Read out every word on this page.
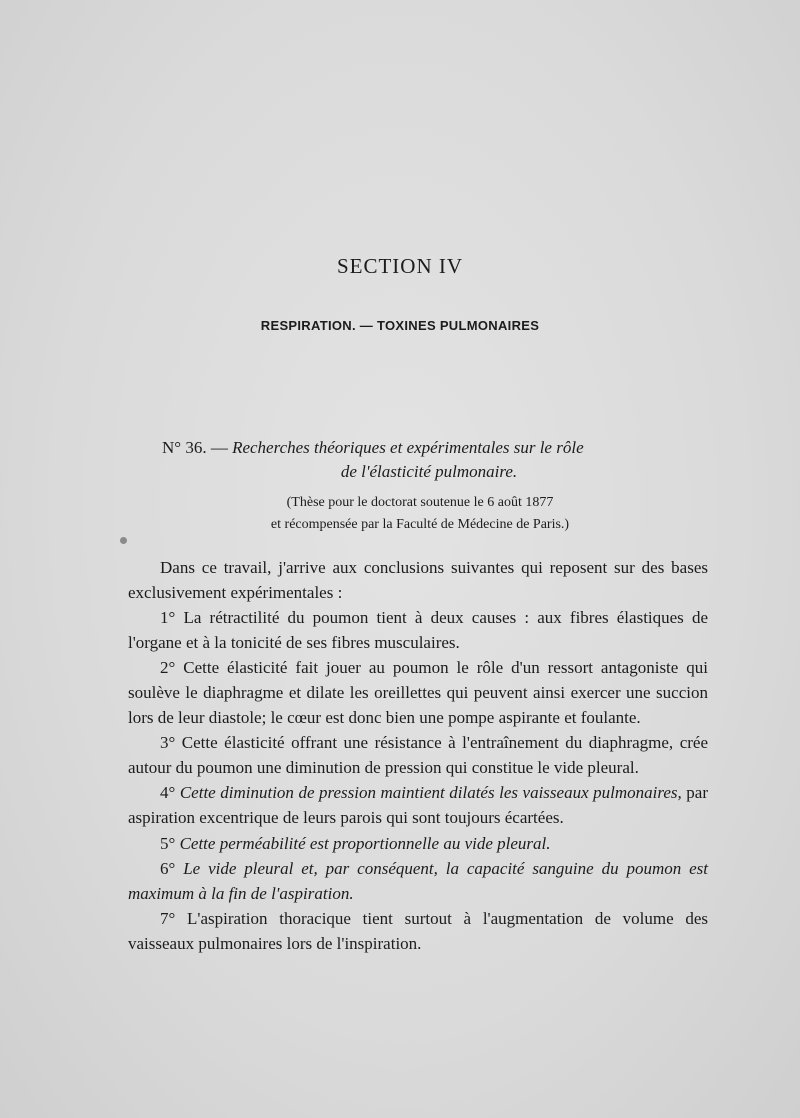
SECTION IV
RESPIRATION. — TOXINES PULMONAIRES
N° 36. — Recherches théoriques et expérimentales sur le rôle
de l'élasticité pulmonaire.
(Thèse pour le doctorat soutenue le 6 août 1877
et récompensée par la Faculté de Médecine de Paris.)

Dans ce travail, j'arrive aux conclusions suivantes qui reposent sur des bases exclusivement expérimentales :

1° La rétractilité du poumon tient à deux causes : aux fibres élastiques de l'organe et à la tonicité de ses fibres musculaires.

2° Cette élasticité fait jouer au poumon le rôle d'un ressort antagoniste qui soulève le diaphragme et dilate les oreillettes qui peuvent ainsi exercer une succion lors de leur diastole; le cœur est donc bien une pompe aspirante et foulante.

3° Cette élasticité offrant une résistance à l'entraînement du diaphragme, crée autour du poumon une diminution de pression qui constitue le vide pleural.

4° Cette diminution de pression maintient dilatés les vaisseaux pulmonaires, par aspiration excentrique de leurs parois qui sont toujours écartées.

5° Cette perméabilité est proportionnelle au vide pleural.

6° Le vide pleural et, par conséquent, la capacité sanguine du poumon est maximum à la fin de l'aspiration.

7° L'aspiration thoracique tient surtout à l'augmentation de volume des vaisseaux pulmonaires lors de l'inspiration.
